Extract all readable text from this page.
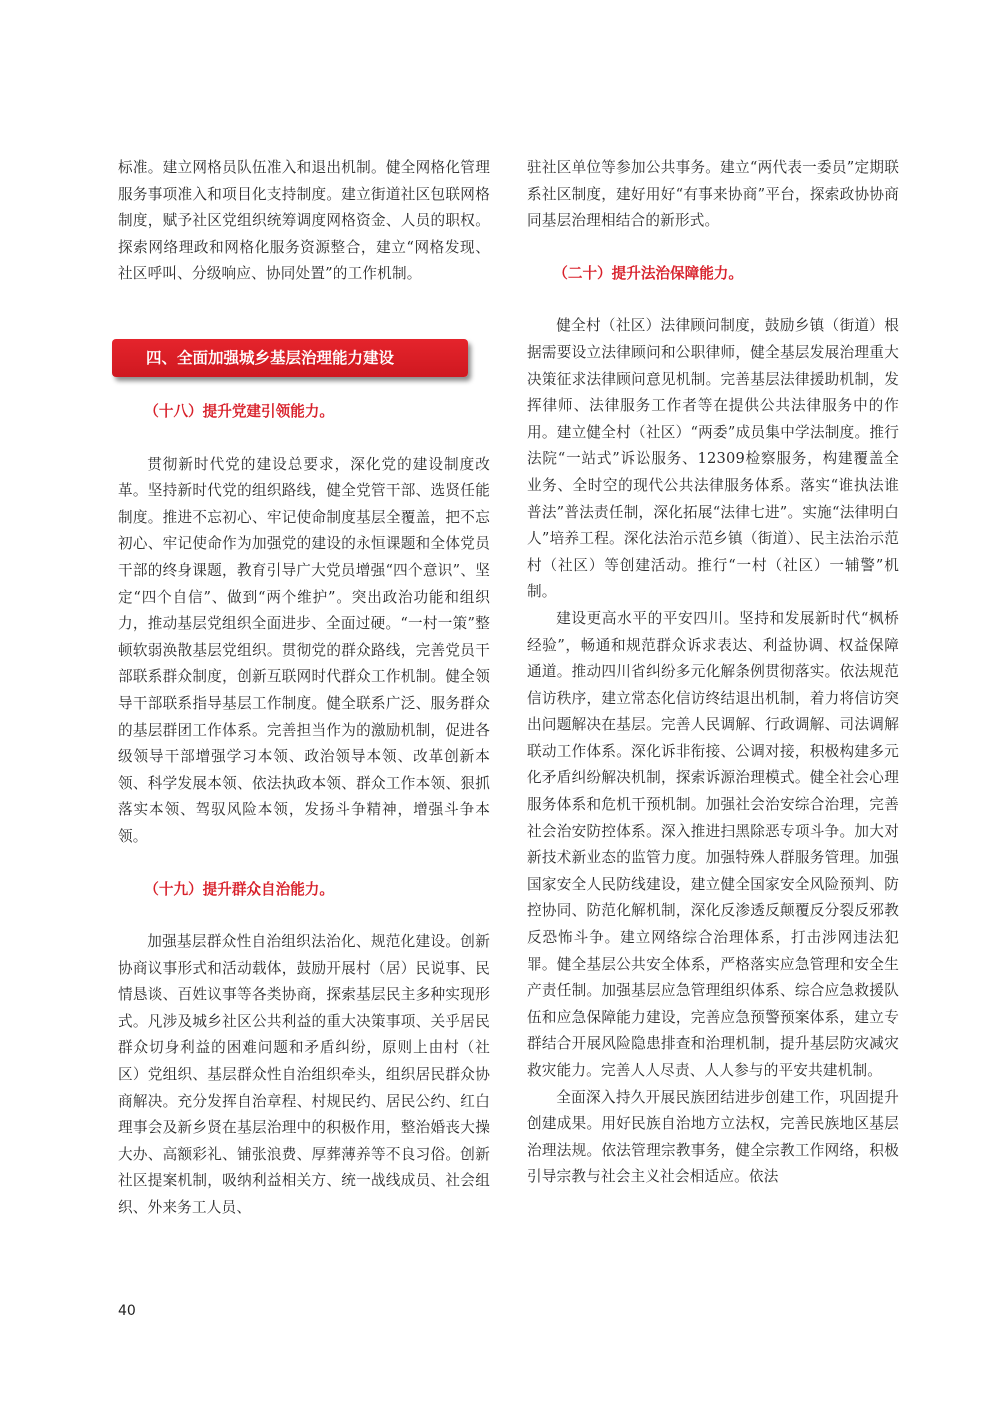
标准。建立网格员队伍准入和退出机制。健全网格化管理服务事项准入和项目化支持制度。建立街道社区包联网格制度，赋予社区党组织统筹调度网格资金、人员的职权。探索网络理政和网格化服务资源整合，建立“网格发现、社区呼叫、分级响应、协同处置”的工作机制。

四、全面加强城乡基层治理能力建设

（十八）提升党建引领能力。

贯彻新时代党的建设总要求，深化党的建设制度改革。坚持新时代党的组织路线，健全党管干部、选贤任能制度。推进不忘初心、牢记使命制度基层全覆盖，把不忘初心、牢记使命作为加强党的建设的永恒课题和全体党员干部的终身课题，教育引导广大党员增强“四个意识”、坚定“四个自信”、做到“两个维护”。突出政治功能和组织力，推动基层党组织全面进步、全面过硬。“一村一策”整顿软弱涣散基层党组织。贯彻党的群众路线，完善党员干部联系群众制度，创新互联网时代群众工作机制。健全领导干部联系指导基层工作制度。健全联系广泛、服务群众的基层群团工作体系。完善担当作为的激励机制，促进各级领导干部增强学习本领、政治领导本领、改革创新本领、科学发展本领、依法执政本领、群众工作本领、狠抓落实本领、驾驭风险本领，发扬斗争精神，增强斗争本领。

（十九）提升群众自治能力。

加强基层群众性自治组织法治化、规范化建设。创新协商议事形式和活动载体，鼓励开展村（居）民说事、民情恳谈、百姓议事等各类协商，探索基层民主多种实现形式。凡涉及城乡社区公共利益的重大决策事项、关乎居民群众切身利益的困难问题和矛盾纠纷，原则上由村（社区）党组织、基层群众性自治组织牵头，组织居民群众协商解决。充分发挥自治章程、村规民约、居民公约、红白理事会及新乡贤在基层治理中的积极作用，整治婚丧大操大办、高额彩礼、铺张浪费、厚葬薄养等不良习俗。创新社区提案机制，吸纳利益相关方、统一战线成员、社会组织、外来务工人员、

驻社区单位等参加公共事务。建立“两代表一委员”定期联系社区制度，建好用好“有事来协商”平台，探索政协协商同基层治理相结合的新形式。

（二十）提升法治保障能力。

健全村（社区）法律顾问制度，鼓励乡镇（街道）根据需要设立法律顾问和公职律师，健全基层发展治理重大决策征求法律顾问意见机制。完善基层法律援助机制，发挥律师、法律服务工作者等在提供公共法律服务中的作用。建立健全村（社区）“两委”成员集中学法制度。推行法院“一站式”诉讼服务、12309检察服务，构建覆盖全业务、全时空的现代公共法律服务体系。落实“谁执法谁普法”普法责任制，深化拓展“法律七进”。实施“法律明白人”培养工程。深化法治示范乡镇（街道）、民主法治示范村（社区）等创建活动。推行“一村（社区）一辅警”机制。

建设更高水平的平安四川。坚持和发展新时代“枫桥经验”，畅通和规范群众诉求表达、利益协调、权益保障通道。推动四川省纠纷多元化解条例贯彻落实。依法规范信访秩序，建立常态化信访终结退出机制，着力将信访突出问题解决在基层。完善人民调解、行政调解、司法调解联动工作体系。深化诉非衔接、公调对接，积极构建多元化矛盾纠纷解决机制，探索诉源治理模式。健全社会心理服务体系和危机干预机制。加强社会治安综合治理，完善社会治安防控体系。深入推进扫黑除恶专项斗争。加大对新技术新业态的监管力度。加强特殊人群服务管理。加强国家安全人民防线建设，建立健全国家安全风险预判、防控协同、防范化解机制，深化反渗透反颠覆反分裂反邪教反恐怖斗争。建立网络综合治理体系，打击涉网违法犯罪。健全基层公共安全体系，严格落实应急管理和安全生产责任制。加强基层应急管理组织体系、综合应急救援队伍和应急保障能力建设，完善应急预警预案体系，建立专群结合开展风险隐患排查和治理机制，提升基层防灾减灾救灾能力。完善人人尽责、人人参与的平安共建机制。

全面深入持久开展民族团结进步创建工作，巩固提升创建成果。用好民族自治地方立法权，完善民族地区基层治理法规。依法管理宗教事务，健全宗教工作网络，积极引导宗教与社会主义社会相适应。依法

40
